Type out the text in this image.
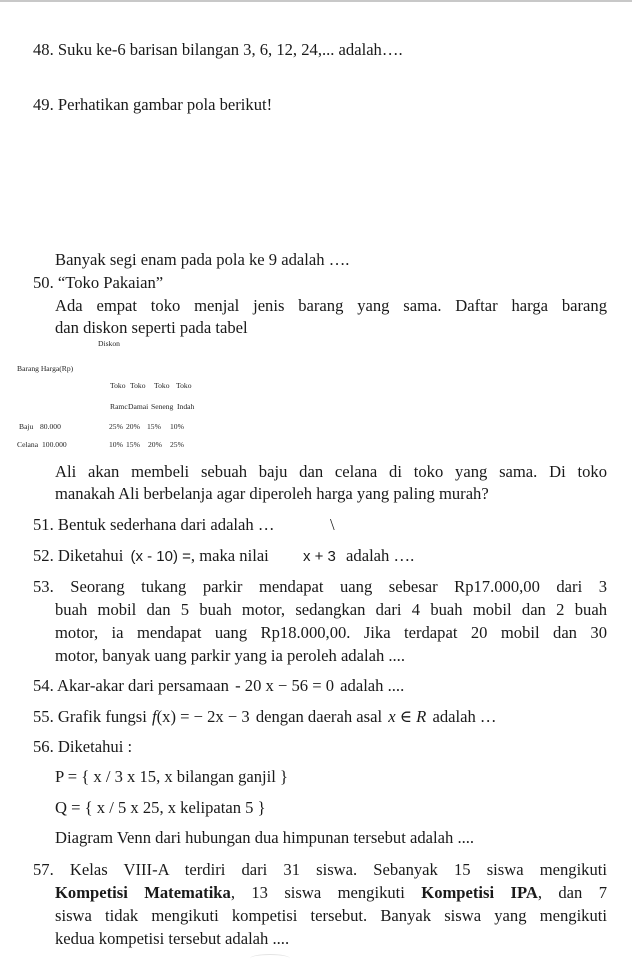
48. Suku ke-6 barisan bilangan 3, 6, 12, 24,... adalah….
49. Perhatikan gambar pola berikut!
Banyak segi enam pada pola ke 9 adalah ….
50. “Toko Pakaian”
Ada empat toko menjal jenis barang yang sama. Daftar harga barang
dan diskon seperti pada tabel
Diskon
Barang Harga(Rp)
Toko Toko Toko Toko
Ramc Damai Seneng Indah
Baju 80.000	25% 20% 15% 10%
Celana 100.000	10% 15% 20% 25%
Ali akan membeli sebuah baju dan celana di toko yang sama. Di toko
manakah Ali berbelanja agar diperoleh harga yang paling murah?
51. Bentuk sederhana dari adalah …	\
52. Diketahui (x - 10) =, maka nilai x + 3 adalah ….
53. Seorang tukang parkir mendapat uang sebesar Rp17.000,00 dari 3
buah mobil dan 5 buah motor, sedangkan dari 4 buah mobil dan 2 buah
motor, ia mendapat uang Rp18.000,00. Jika terdapat 20 mobil dan 30
motor, banyak uang parkir yang ia peroleh adalah ....
54. Akar-akar dari persamaan - 20 x − 56 = 0 adalah ....
55. Grafik fungsi f(x) = − 2x − 3 dengan daerah asal x ∈ R adalah …
56. Diketahui :
P = { x / 3 x 15, x bilangan ganjil }
Q = { x / 5 x 25, x kelipatan 5 }
Diagram Venn dari hubungan dua himpunan tersebut adalah ....
57. Kelas VIII-A terdiri dari 31 siswa. Sebanyak 15 siswa mengikuti
Kompetisi Matematika, 13 siswa mengikuti Kompetisi IPA, dan 7
siswa tidak mengikuti kompetisi tersebut. Banyak siswa yang mengikuti
kedua kompetisi tersebut adalah ....
